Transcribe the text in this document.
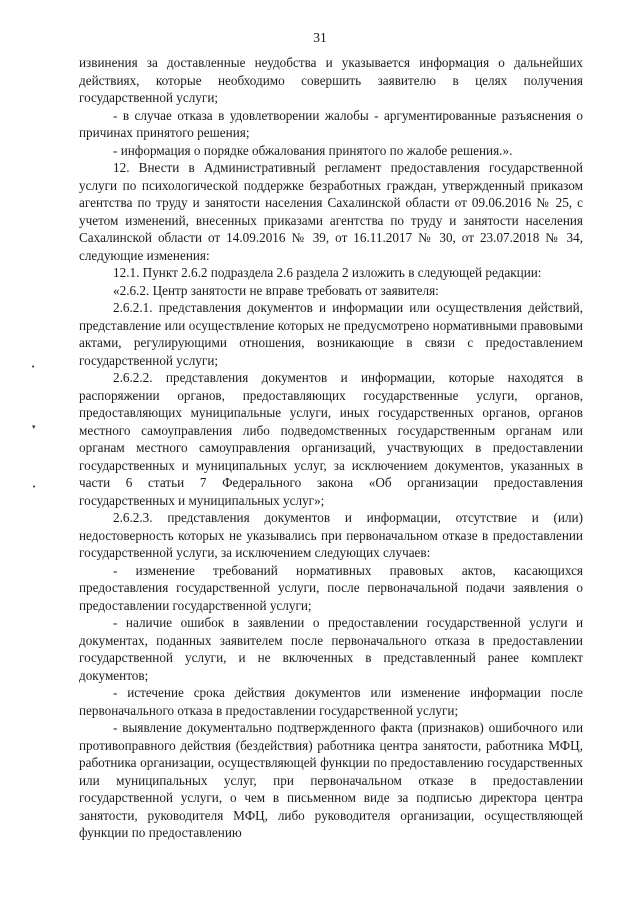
31
•
▾
•

извинения за доставленные неудобства и указывается информация о дальнейших действиях, которые необходимо совершить заявителю в целях получения государственной услуги;

- в случае отказа в удовлетворении жалобы - аргументированные разъяснения о причинах принятого решения;

- информация о порядке обжалования принятого по жалобе решения.».

12. Внести в Административный регламент предоставления государственной услуги по психологической поддержке безработных граждан, утвержденный приказом агентства по труду и занятости населения Сахалинской области от 09.06.2016 № 25, с учетом изменений, внесенных приказами агентства по труду и занятости населения Сахалинской области от 14.09.2016 № 39, от 16.11.2017 № 30, от 23.07.2018 № 34, следующие изменения:

12.1. Пункт 2.6.2 подраздела 2.6 раздела 2 изложить в следующей редакции:

«2.6.2. Центр занятости не вправе требовать от заявителя:

2.6.2.1. представления документов и информации или осуществления действий, представление или осуществление которых не предусмотрено нормативными правовыми актами, регулирующими отношения, возникающие в связи с предоставлением государственной услуги;

2.6.2.2. представления документов и информации, которые находятся в распоряжении органов, предоставляющих государственные услуги, органов, предоставляющих муниципальные услуги, иных государственных органов, органов местного самоуправления либо подведомственных государственным органам или органам местного самоуправления организаций, участвующих в предоставлении государственных и муниципальных услуг, за исключением документов, указанных в части 6 статьи 7 Федерального закона «Об организации предоставления государственных и муниципальных услуг»;

2.6.2.3. представления документов и информации, отсутствие и (или) недостоверность которых не указывались при первоначальном отказе в предоставлении государственной услуги, за исключением следующих случаев:

- изменение требований нормативных правовых актов, касающихся предоставления государственной услуги, после первоначальной подачи заявления о предоставлении государственной услуги;

- наличие ошибок в заявлении о предоставлении государственной услуги и документах, поданных заявителем после первоначального отказа в предоставлении государственной услуги, и не включенных в представленный ранее комплект документов;

- истечение срока действия документов или изменение информации после первоначального отказа в предоставлении государственной услуги;

- выявление документально подтвержденного факта (признаков) ошибочного или противоправного действия (бездействия) работника центра занятости, работника МФЦ, работника организации, осуществляющей функции по предоставлению государственных или муниципальных услуг, при первоначальном отказе в предоставлении государственной услуги, о чем в письменном виде за подписью директора центра занятости, руководителя МФЦ, либо руководителя организации, осуществляющей функции по предоставлению
